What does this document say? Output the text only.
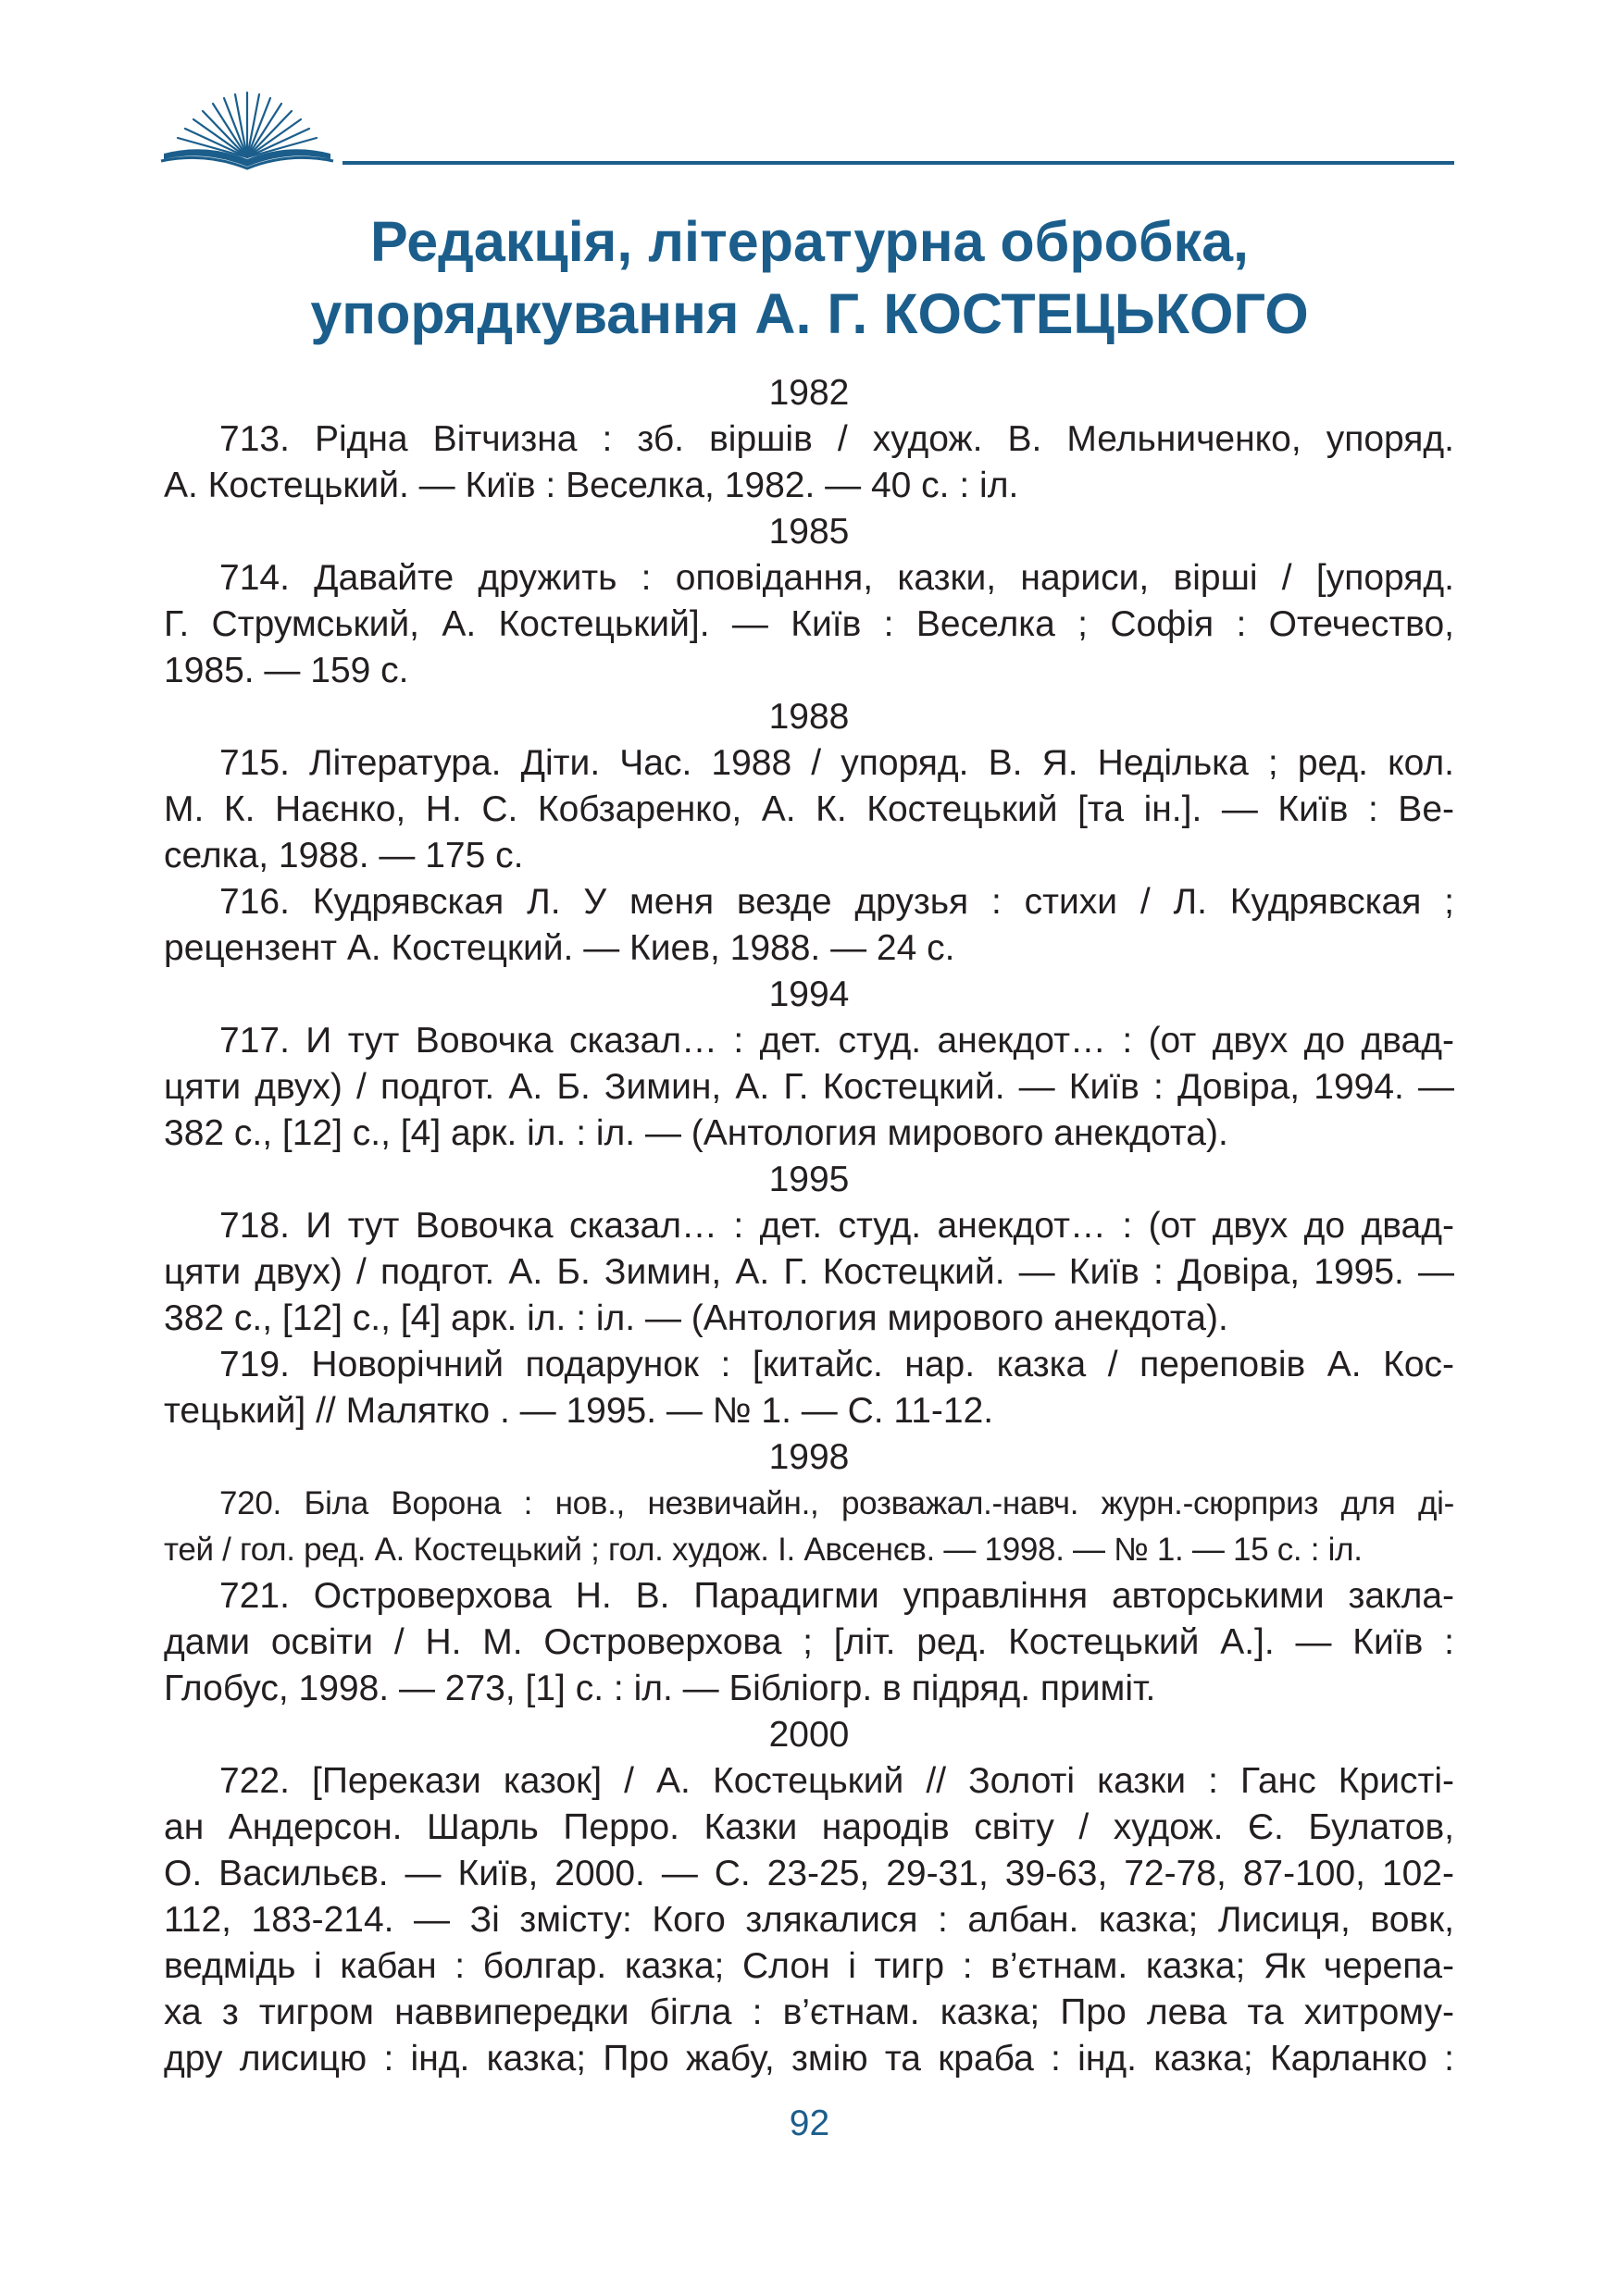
Редакція, літературна обробка,
упорядкування А. Г. КОСТЕЦЬКОГО

1982

713. Рідна Вітчизна : зб. віршів / худож. В. Мельниченко, упоряд.
А. Костецький. — Київ : Веселка, 1982. — 40 с. : іл.

1985

714. Давайте дружить : оповідання, казки, нариси, вірші / [упоряд.
Г. Струмський, А. Костецький]. — Київ : Веселка ; Софія : Отечество,
1985. — 159 с.

1988

715. Література. Діти. Час. 1988 / упоряд. В. Я. Неділька ; ред. кол.
М. К. Наєнко, Н. С. Кобзаренко, А. К. Костецький [та ін.]. — Київ : Ве-
селка, 1988. — 175 с.

716. Кудрявская Л. У меня везде друзья : стихи / Л. Кудрявская ;
рецензент А. Костецкий. — Киев, 1988. — 24 с.

1994

717. И тут Вовочка сказал… : дет. студ. анекдот… : (от двух до двад-
цяти двух) / подгот. А. Б. Зимин, А. Г. Костецкий. — Київ : Довіра, 1994. —
382 с., [12] с., [4] арк. іл. : іл. — (Антология мирового анекдота).

1995

718. И тут Вовочка сказал… : дет. студ. анекдот… : (от двух до двад-
цяти двух) / подгот. А. Б. Зимин, А. Г. Костецкий. — Київ : Довіра, 1995. —
382 с., [12] с., [4] арк. іл. : іл. — (Антология мирового анекдота).

719. Новорічний подарунок : [китайс. нар. казка / переповів А. Кос-
тецький] // Малятко . — 1995. — № 1. — С. 11-12.

1998

720. Біла Ворона : нов., незвичайн., розважал.-навч. журн.-сюрприз для ді-
тей / гол. ред. А. Костецький ; гол. худож. І. Авсенєв. — 1998. — № 1. — 15 с. : іл.

721. Островерхова Н. В. Парадигми управління авторськими закла-
дами освіти / Н. М. Островерхова ; [літ. ред. Костецький А.]. — Київ :
Глобус, 1998. — 273, [1] с. : іл. — Бібліогр. в підряд. приміт.

2000

722. [Перекази казок] / А. Костецький // Золоті казки : Ганс Кристі-
ан Андерсон. Шарль Перро. Казки народів світу / худож. Є. Булатов,
О. Васильєв. — Київ, 2000. — С. 23-25, 29-31, 39-63, 72-78, 87-100, 102-
112, 183-214. — Зі змісту: Кого злякалися : албан. казка; Лисиця, вовк,
ведмідь і кабан : болгар. казка; Слон і тигр : в’єтнам. казка; Як черепа-
ха з тигром наввипередки бігла : в’єтнам. казка; Про лева та хитрому-
дру лисицю : інд. казка; Про жабу, змію та краба : інд. казка; Карланко :

92
